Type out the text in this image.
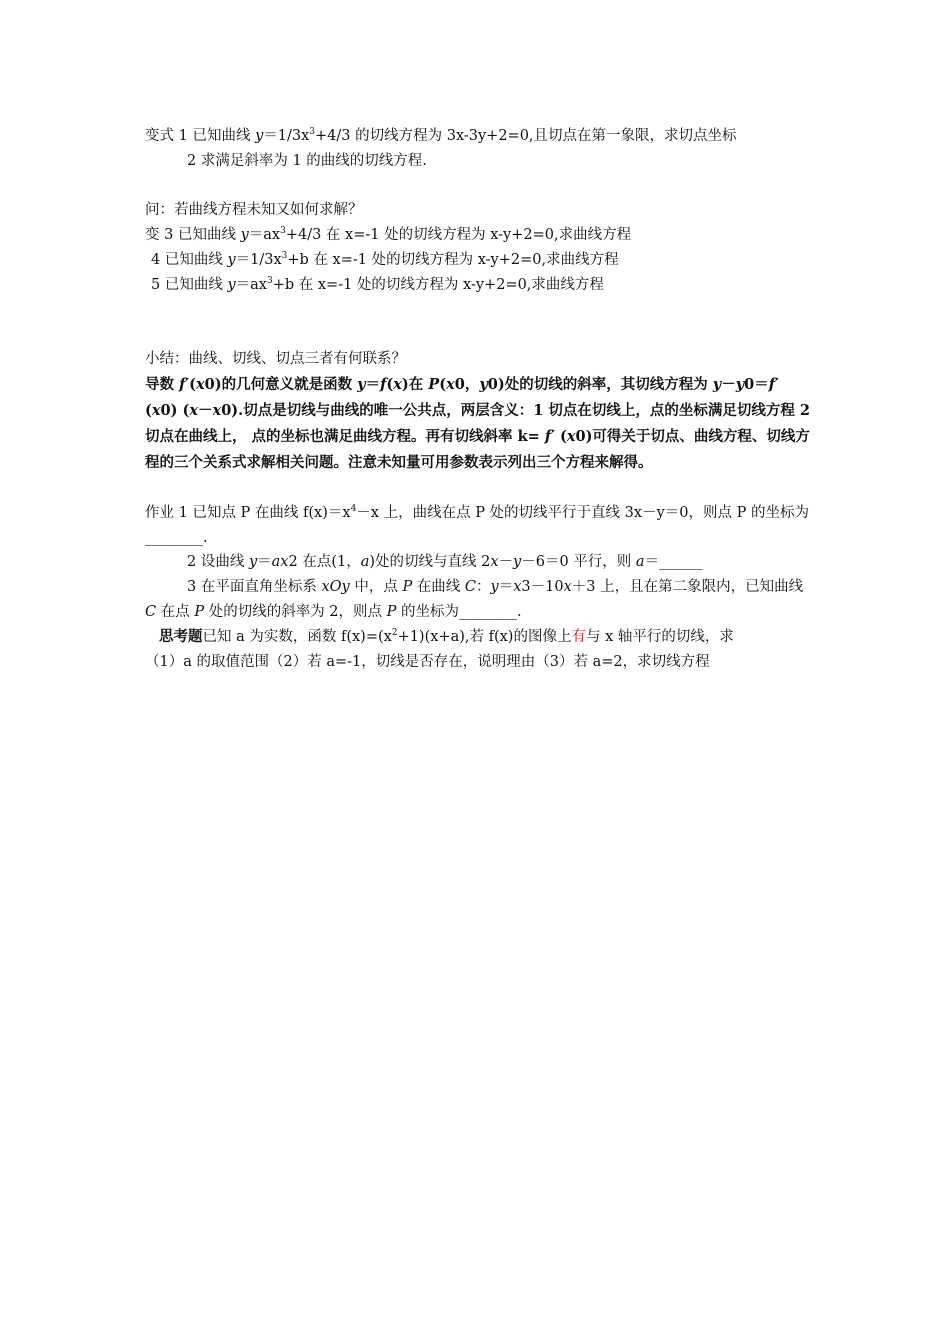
变式 1 已知曲线 $y=1/3x^3+4/3$ 的切线方程为 3x-3y+2=0,且切点在第一象限，求切点坐标
2 求满足斜率为 1 的曲线的切线方程.
问：若曲线方程未知又如何求解？
变 3 已知曲线 $y=ax^3+4/3$ 在 x=-1 处的切线方程为 x-y+2=0,求曲线方程
4 已知曲线 $y=1/3x^3+b$ 在 x=-1 处的切线方程为 x-y+2=0,求曲线方程
5 已知曲线 $y=ax^3+b$ 在 x=-1 处的切线方程为 x-y+2=0,求曲线方程
小结：曲线、切线、切点三者有何联系？
导数 f′(x0)的几何意义就是函数 y＝f(x)在 P(x0，y0)处的切线的斜率，其切线方程为 y－y0＝f′ (x0) (x－x0).切点是切线与曲线的唯一公共点，两层含义：1 切点在切线上，点的坐标满足切线方程 2 切点在曲线上， 点的坐标也满足曲线方程。再有切线斜率 k= f′ (x0)可得关于切点、曲线方程、切线方程的三个关系式求解相关问题。注意未知量可用参数表示列出三个方程来解得。
作业 1 已知点 P 在曲线 $f(x)=x^4-x$ 上，曲线在点 P 处的切线平行于直线 3x－y＝0，则点 P 的坐标为________.
2 设曲线 y＝ax2 在点(1，a)处的切线与直线 2x－y－6＝0 平行，则 a＝______
3 在平面直角坐标系 xOy 中，点 P 在曲线 C：y＝x3－10x＋3 上，且在第二象限内，已知曲线 C 在点 P 处的切线的斜率为 2，则点 P 的坐标为________.
思考题已知 a 为实数，函数 $f(x)=(x^2+1)(x+a)$,若 f(x)的图像上有与 x 轴平行的切线，求
（1）a 的取值范围（2）若 a=-1，切线是否存在，说明理由（3）若 a=2，求切线方程
